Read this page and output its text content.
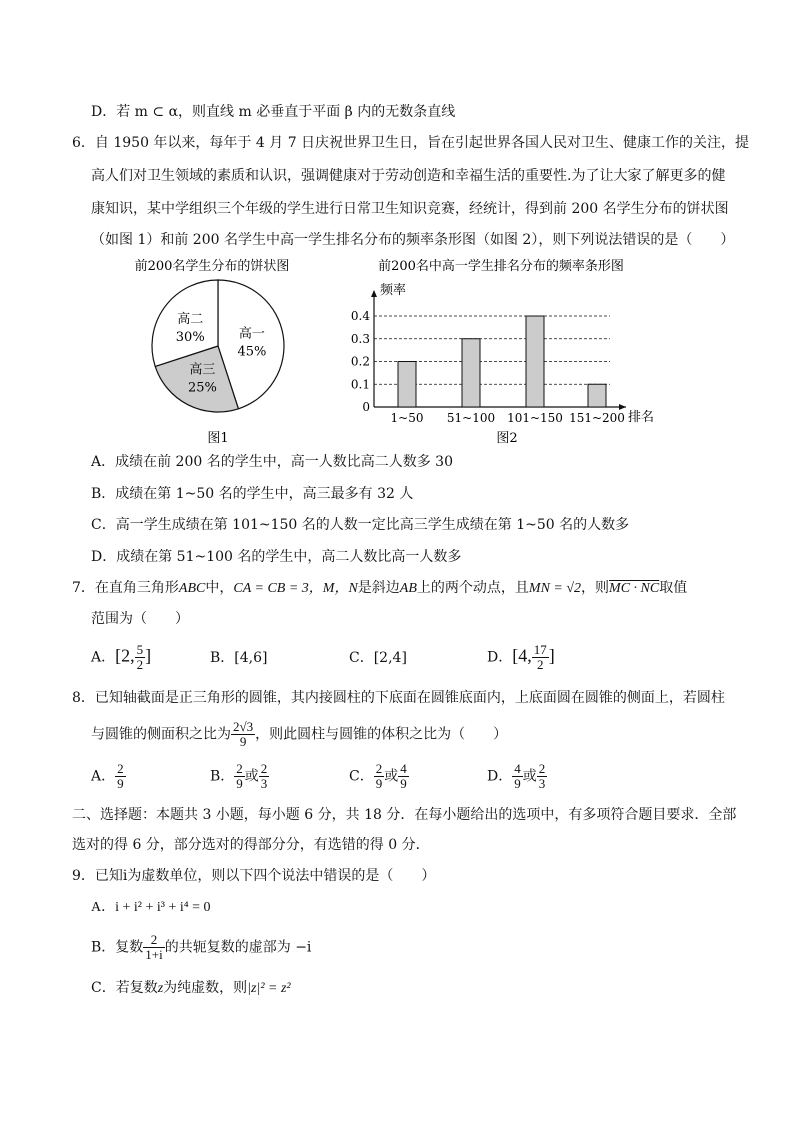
D．若 m ⊂ α，则直线 m 必垂直于平面 β 内的无数条直线
6．自 1950 年以来，每年于 4 月 7 日庆祝世界卫生日，旨在引起世界各国人民对卫生、健康工作的关注，提
高人们对卫生领域的素质和认识，强调健康对于劳动创造和幸福生活的重要性.为了让大家了解更多的健
康知识，某中学组织三个年级的学生进行日常卫生知识竞赛，经统计，得到前 200 名学生分布的饼状图
（如图 1）和前 200 名学生中高一学生排名分布的频率条形图（如图 2），则下列说法错误的是（　　）
前200名学生分布的饼状图
高一
45%
高三
25%
高二
30%
图1
前200名中高一学生排名分布的频率条形图
频率
排名
0
0.1
0.2
0.3
0.4
1~50 51~100 101~150 151~200
图2
A．成绩在前 200 名的学生中，高一人数比高二人数多 30
B．成绩在第 1~50 名的学生中，高三最多有 32 人
C．高一学生成绩在第 101~150 名的人数一定比高三学生成绩在第 1~50 名的人数多
D．成绩在第 51~100 名的学生中，高二人数比高一人数多
7．在直角三角形ABC中，CA = CB = 3，M，N是斜边AB上的两个动点，且MN = √2，则MC · NC取值
范围为（　　）
A．[2, $\frac{5}{2}$ ]	B．[4,6]	C．[2,4]	D．[4, $\frac{17}{2}$ ]
8．已知轴截面是正三角形的圆锥，其内接圆柱的下底面在圆锥底面内，上底面圆在圆锥的侧面上，若圆柱
与圆锥的侧面积之比为 $\frac{2√3}{9}$ ，则此圆柱与圆锥的体积之比为（　　）
A． $\frac{2}{9}$	B． $\frac{2}{9}$ 或 $\frac{2}{3}$	C． $\frac{2}{9}$ 或 $\frac{4}{9}$	D． $\frac{4}{9}$ 或 $\frac{2}{3}$
二、选择题：本题共 3 小题，每小题 6 分，共 18 分．在每小题给出的选项中，有多项符合题目要求．全部
选对的得 6 分，部分选对的得部分分，有选错的得 0 分．
9．已知i为虚数单位，则以下四个说法中错误的是（　　）
A．i + i² + i³ + i⁴ = 0
B．复数 $\frac{2}{1+i}$ 的共轭复数的虚部为 −i
C．若复数z为纯虚数，则|z|² = z²
